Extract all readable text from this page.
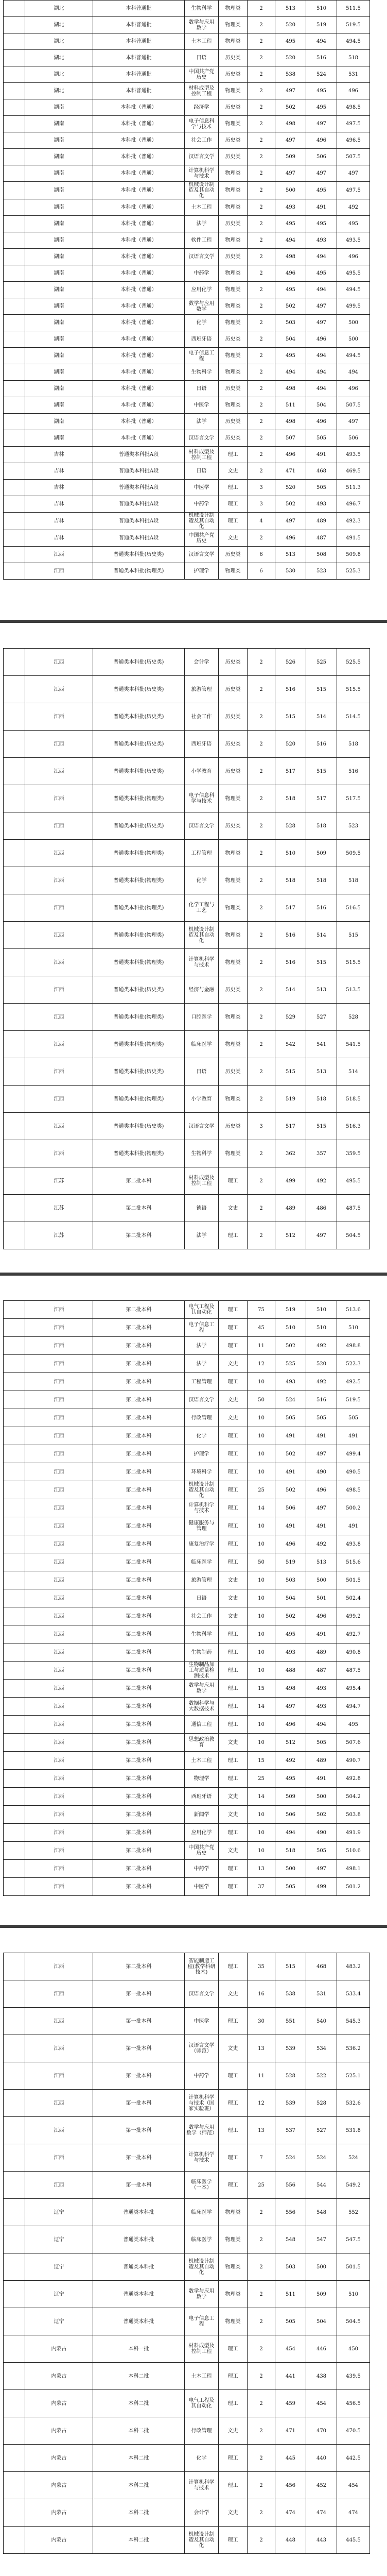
	湖北	本科普通批	生物科学	物理类	2	513	510	511.5
	湖北	本科普通批	数学与应用数学	物理类	2	520	519	519.5
	湖北	本科普通批	土木工程	物理类	2	495	494	494.5
	湖北	本科普通批	日语	历史类	2	520	516	518
	湖北	本科普通批	中国共产党历史	历史类	2	538	524	531
	湖北	本科普通批	材料成型及控制工程	物理类	2	497	495	496
	湖南	本科批（普通）	经济学	历史类	2	502	495	498.5
	湖南	本科批（普通）	电子信息科学与技术	物理类	2	498	497	497.5
	湖南	本科批（普通）	社会工作	历史类	2	497	496	496.5
	湖南	本科批（普通）	汉语言文学	历史类	2	509	506	507.5
	湖南	本科批（普通）	计算机科学与技术	物理类	2	497	497	497
	湖南	本科批（普通）	机械设计制造及其自动化	物理类	2	500	495	497.5
	湖南	本科批（普通）	土木工程	物理类	2	493	491	492
	湖南	本科批（普通）	法学	历史类	2	495	495	495
	湖南	本科批（普通）	软件工程	物理类	2	494	493	493.5
	湖南	本科批（普通）	汉语言文学	历史类	2	498	494	496
	湖南	本科批（普通）	中药学	物理类	2	496	495	495.5
	湖南	本科批（普通）	应用化学	物理类	2	495	494	494.5
	湖南	本科批（普通）	数学与应用数学	物理类	2	502	497	499.5
	湖南	本科批（普通）	化学	物理类	2	503	497	500
	湖南	本科批（普通）	西班牙语	历史类	2	504	496	500
	湖南	本科批（普通）	电子信息工程	物理类	2	495	494	494.5
	湖南	本科批（普通）	生物科学	物理类	2	494	494	494
	湖南	本科批（普通）	日语	历史类	2	498	494	496
	湖南	本科批（普通）	中医学	物理类	2	511	504	507.5
	湖南	本科批（普通）	法学	历史类	2	498	496	497
	湖南	本科批（普通）	汉语言文学	历史类	2	507	505	506
	吉林	普通类本科批A段	材料成型及控制工程	理工	2	496	491	493.5
	吉林	普通类本科批A段	日语	文史	2	471	468	469.5
	吉林	普通类本科批A段	中医学	理工	3	520	505	511.3
	吉林	普通类本科批A段	中药学	理工	3	502	493	496.7
	吉林	普通类本科批A段	机械设计制造及其自动化	理工	4	497	489	492.3
	吉林	普通类本科批A段	中国共产党历史	文史	2	496	487	491.5
	江西	普通类本科批(历史类)	汉语言文学	历史类	6	513	508	509.8
	江西	普通类本科批(物理类)	护理学	物理类	6	530	523	525.3
	江西	普通类本科批(历史类)	会计学	历史类	2	526	525	525.5
	江西	普通类本科批(历史类)	旅游管理	历史类	2	516	515	515.5
	江西	普通类本科批(历史类)	社会工作	历史类	2	515	514	514.5
	江西	普通类本科批(历史类)	西班牙语	历史类	2	520	516	518
	江西	普通类本科批(历史类)	小学教育	历史类	2	517	515	516
	江西	普通类本科批(物理类)	电子信息科学与技术	物理类	2	518	517	517.5
	江西	普通类本科批(历史类)	汉语言文学	历史类	2	528	518	523
	江西	普通类本科批(物理类)	工程管理	物理类	2	510	509	509.5
	江西	普通类本科批(物理类)	化学	物理类	2	518	518	518
	江西	普通类本科批(物理类)	化学工程与工艺	物理类	2	517	516	516.5
	江西	普通类本科批(物理类)	机械设计制造及其自动化	物理类	2	516	514	515
	江西	普通类本科批(物理类)	计算机科学与技术	物理类	2	516	515	515.5
	江西	普通类本科批(历史类)	经济与金融	历史类	2	514	513	513.5
	江西	普通类本科批(物理类)	口腔医学	物理类	2	529	527	528
	江西	普通类本科批(物理类)	临床医学	物理类	2	542	541	541.5
	江西	普通类本科批(历史类)	日语	历史类	2	515	513	514
	江西	普通类本科批(物理类)	小学教育	物理类	2	519	518	518.5
	江西	普通类本科批(历史类)	汉语言文学	历史类	3	517	515	516.3
	江西	普通类本科批(物理类)	生物科学	物理类	2	362	357	359.5
	江苏	第二批本科	材料成型及控制工程	理工	2	499	492	495.5
	江苏	第二批本科	德语	文史	2	489	486	487.5
	江苏	第二批本科	法学	理工	2	512	497	504.5
	江西	第二批本科	电气工程及其自动化	理工	75	519	510	513.6
	江西	第二批本科	电子信息工程	理工	45	510	510	510
	江西	第二批本科	法学	理工	11	502	492	498.8
	江西	第二批本科	法学	文史	12	525	520	522.3
	江西	第二批本科	工程管理	理工	10	493	492	492.5
	江西	第二批本科	汉语言文学	文史	50	524	516	519.5
	江西	第二批本科	行政管理	文史	10	505	505	505
	江西	第二批本科	化学	理工	10	491	491	491
	江西	第二批本科	护理学	理工	10	502	497	499.4
	江西	第二批本科	环境科学	理工	10	491	490	490.5
	江西	第二批本科	机械设计制造及其自动化	理工	25	502	496	498.5
	江西	第二批本科	计算机科学与技术	理工	14	506	497	500.2
	江西	第二批本科	健康服务与管理	理工	10	491	491	491
	江西	第二批本科	康复治疗学	理工	10	496	492	493.8
	江西	第二批本科	临床医学	理工	50	519	513	515.6
	江西	第二批本科	旅游管理	文史	10	503	500	501.5
	江西	第二批本科	日语	文史	10	504	501	502.4
	江西	第二批本科	社会工作	文史	10	502	496	499.2
	江西	第二批本科	生物科学	理工	10	495	491	492.7
	江西	第二批本科	生物制药	理工	10	493	489	490.8
	江西	第二批本科	生物制品加工与质量检测技术	理工	10	488	487	487.5
	江西	第二批本科	数学与应用数学	理工	15	498	493	495.4
	江西	第二批本科	数据科学与大数据技术	理工	14	497	493	494.7
	江西	第二批本科	通信工程	理工	10	496	494	495
	江西	第二批本科	思想政治教育	文史	10	512	505	507.6
	江西	第二批本科	土木工程	理工	15	492	489	490.7
	江西	第二批本科	物理学	理工	25	495	491	492.8
	江西	第二批本科	西班牙语	文史	14	509	500	504.2
	江西	第二批本科	新闻学	文史	10	506	502	503.8
	江西	第二批本科	应用化学	理工	10	494	490	491.9
	江西	第二批本科	中国共产党历史	文史	10	518	505	510.6
	江西	第二批本科	中药学	理工	13	500	497	498.1
	江西	第二批本科	中医学	理工	37	505	499	501.2
	江西	第二批本科	智能制造工程(教学科研技术)	理工	35	515	468	483.2
	江西	第一批本科	汉语言文学	文史	16	538	531	533.4
	江西	第一批本科	中医学	理工	30	551	540	545.3
	江西	第一批本科	汉语言文学（师范）	文史	13	539	534	536.2
	江西	第一批本科	中药学	理工	11	528	522	525.1
	江西	第一批本科	计算机科学与技术（国家实验班）	理工	12	539	528	532.6
	江西	第一批本科	数学与应用数学（师范）	理工	13	537	527	531.8
	江西	第一批本科	计算机科学与技术	理工	7	524	524	524
	江西	第一批本科	临床医学（一本）	理工	25	556	544	549.2
	辽宁	普通类本科批	临床医学	物理类	2	556	548	552
	辽宁	普通类本科批	临床医学	物理类	2	548	547	547.5
	辽宁	普通类本科批	机械设计制造及其自动化	物理类	2	503	500	501.5
	辽宁	普通类本科批	数学与应用数学	物理类	2	511	509	510
	辽宁	普通类本科批	电子信息工程	物理类	2	505	504	504.5
	内蒙古	本科一批	材料成型及控制工程	理工	2	454	446	450
	内蒙古	本科二批	土木工程	理工	2	441	438	439.5
	内蒙古	本科二批	电气工程及其自动化	理工	2	459	454	456.5
	内蒙古	本科二批	行政管理	文史	2	471	470	470.5
	内蒙古	本科二批	化学	理工	2	445	440	442.5
	内蒙古	本科二批	计算机科学与技术	理工	2	456	452	454
	内蒙古	本科二批	会计学	文史	2	474	474	474
	内蒙古	本科二批	机械设计制造及其自动化	理工	2	448	443	445.5
